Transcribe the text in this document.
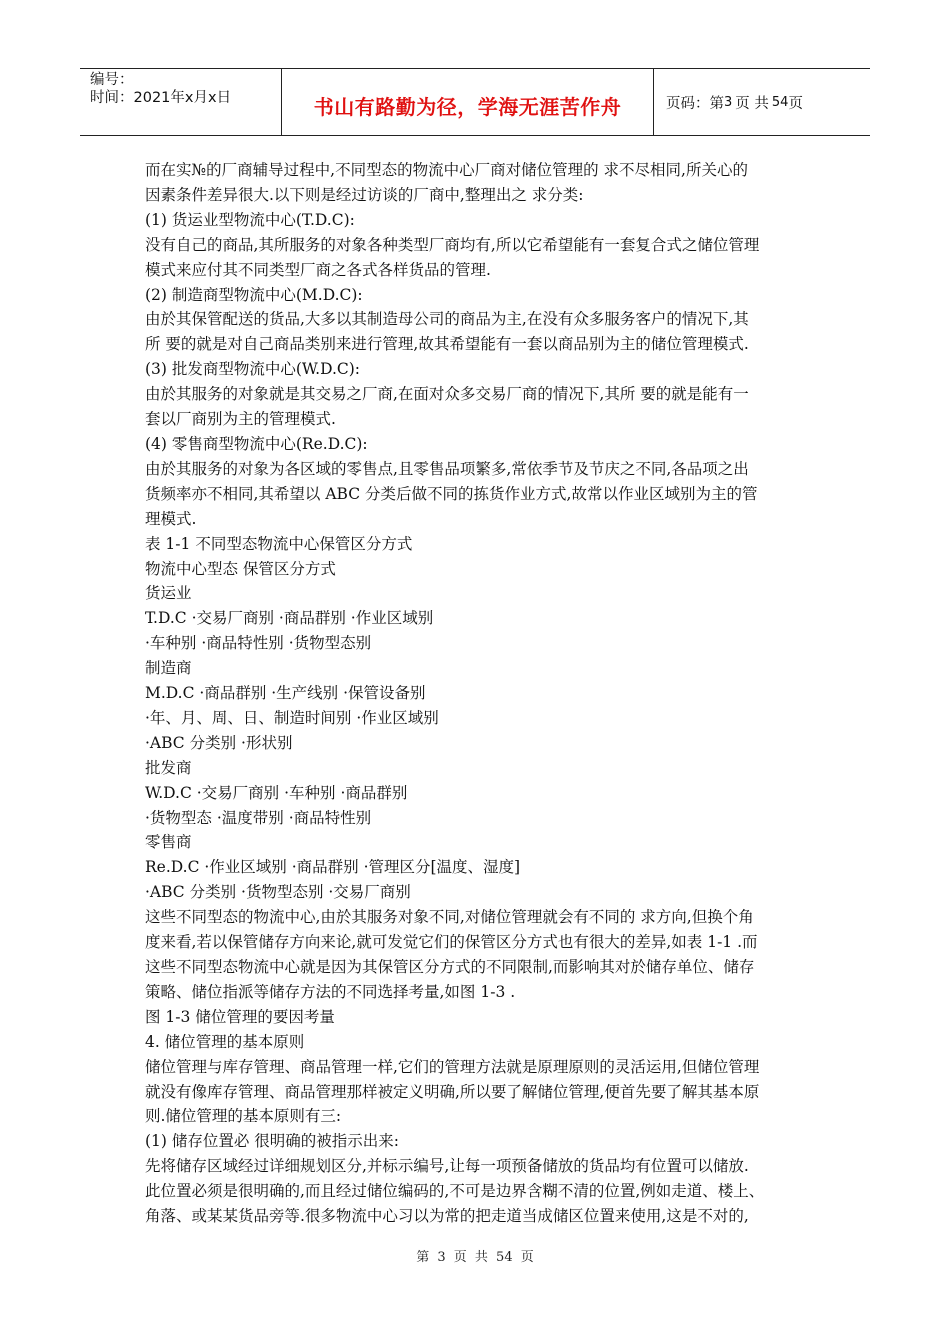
编号：
时间：2021年x月x日	书山有路勤为径，学海无涯苦作舟	页码：第 3 页 共 54 页

而在实№的厂商辅导过程中,不同型态的物流中心厂商对储位管理的 求不尽相同,所关心的

因素条件差异很大.以下则是经过访谈的厂商中,整理出之 求分类:

(1) 货运业型物流中心(T.D.C):

没有自己的商品,其所服务的对象各种类型厂商均有,所以它希望能有一套复合式之储位管理

模式来应付其不同类型厂商之各式各样货品的管理.

(2) 制造商型物流中心(M.D.C):

由於其保管配送的货品,大多以其制造母公司的商品为主,在没有众多服务客户的情况下,其

所 要的就是对自己商品类别来进行管理,故其希望能有一套以商品别为主的储位管理模式.

(3) 批发商型物流中心(W.D.C):

由於其服务的对象就是其交易之厂商,在面对众多交易厂商的情况下,其所 要的就是能有一

套以厂商别为主的管理模式.

(4) 零售商型物流中心(Re.D.C):

由於其服务的对象为各区域的零售点,且零售品项繁多,常依季节及节庆之不同,各品项之出

货频率亦不相同,其希望以 ABC 分类后做不同的拣货作业方式,故常以作业区域别为主的管

理模式.

表 1-1 不同型态物流中心保管区分方式

物流中心型态 保管区分方式

货运业

T.D.C ·交易厂商别 ·商品群别 ·作业区域别

·车种别 ·商品特性别 ·货物型态别

制造商

M.D.C ·商品群别 ·生产线别 ·保管设备别

·年、月、周、日、制造时间别 ·作业区域别

·ABC 分类别 ·形状别

批发商

W.D.C ·交易厂商别 ·车种别 ·商品群别

·货物型态 ·温度带别 ·商品特性别

零售商

Re.D.C ·作业区域别 ·商品群别 ·管理区分[温度、湿度]

·ABC 分类别 ·货物型态别 ·交易厂商别

这些不同型态的物流中心,由於其服务对象不同,对储位管理就会有不同的 求方向,但换个角

度来看,若以保管储存方向来论,就可发觉它们的保管区分方式也有很大的差异,如表 1-1 .而

这些不同型态物流中心就是因为其保管区分方式的不同限制,而影响其对於储存单位、储存

策略、储位指派等储存方法的不同选择考量,如图 1-3 .

图 1-3 储位管理的要因考量

4. 储位管理的基本原则

储位管理与库存管理、商品管理一样,它们的管理方法就是原理原则的灵活运用,但储位管理

就没有像库存管理、商品管理那样被定义明确,所以要了解储位管理,便首先要了解其基本原

则.储位管理的基本原则有三:

(1) 储存位置必 很明确的被指示出来:

先将储存区域经过详细规划区分,并标示编号,让每一项预备储放的货品均有位置可以储放.

此位置必须是很明确的,而且经过储位编码的,不可是边界含糊不清的位置,例如走道、楼上、

角落、或某某货品旁等.很多物流中心习以为常的把走道当成储区位置来使用,这是不对的,

第 3 页 共 54 页
